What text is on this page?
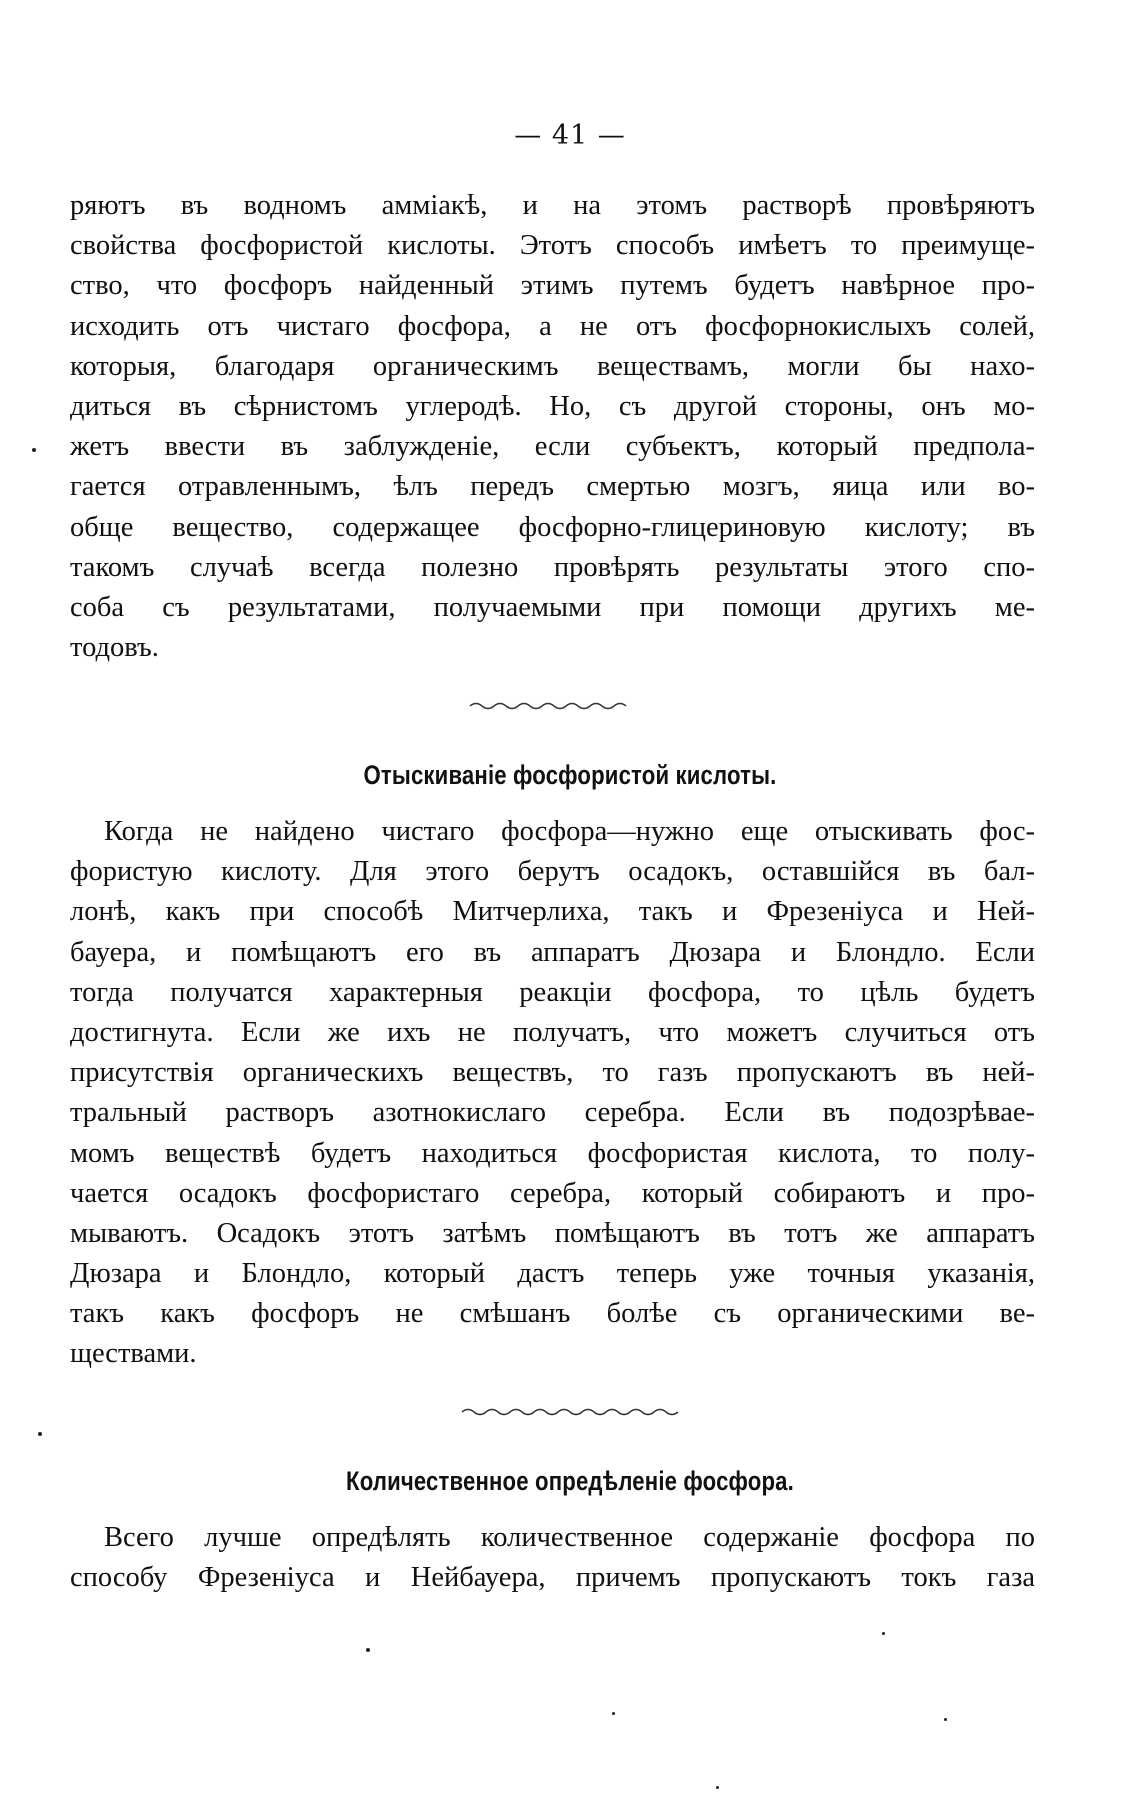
— 41 —
ряютъ въ водномъ аммiакѣ, и на этомъ растворѣ провѣряютъ
свойства фосфористой кислоты. Этотъ способъ имѣетъ то преимуще-
ство, что фосфоръ найденный этимъ путемъ будетъ навѣрное про-
исходить отъ чистаго фосфора, а не отъ фосфорнокислыхъ солей,
которыя, благодаря органическимъ веществамъ, могли бы нахо-
диться въ сѣрнистомъ углеродѣ. Но, съ другой стороны, онъ мо-
жетъ ввести въ заблужденiе, если субъектъ, который предпола-
гается отравленнымъ, ѣлъ передъ смертью мозгъ, яица или во-
обще вещество, содержащее фосфорно-глицериновую кислоту; въ
такомъ случаѣ всегда полезно провѣрять результаты этого спо-
соба съ результатами, получаемыми при помощи другихъ ме-
тодовъ.
Отыскиванiе фосфористой кислоты.
Когда не найдено чистаго фосфора—нужно еще отыскивать фос-
фористую кислоту. Для этого берутъ осадокъ, оставшiйся въ бал-
лонѣ, какъ при способѣ Митчерлиха, такъ и Фрезенiуса и Ней-
бауера, и помѣщаютъ его въ аппаратъ Дюзара и Блондло. Если
тогда получатся характерныя реакцiи фосфора, то цѣль будетъ
достигнута. Если же ихъ не получатъ, что можетъ случиться отъ
присутствiя органическихъ веществъ, то газъ пропускаютъ въ ней-
тральный растворъ азотнокислаго серебра. Если въ подозрѣвае-
момъ веществѣ будетъ находиться фосфористая кислота, то полу-
чается осадокъ фосфористаго серебра, который собираютъ и про-
мываютъ. Осадокъ этотъ затѣмъ помѣщаютъ въ тотъ же аппаратъ
Дюзара и Блондло, который дастъ теперь уже точныя указанiя,
такъ какъ фосфоръ не смѣшанъ болѣе съ органическими ве-
ществами.
Количественное опредѣленiе фосфора.
Всего лучше опредѣлять количественное содержанiе фосфора по
способу Фрезенiуса и Нейбауера, причемъ пропускаютъ токъ газа
